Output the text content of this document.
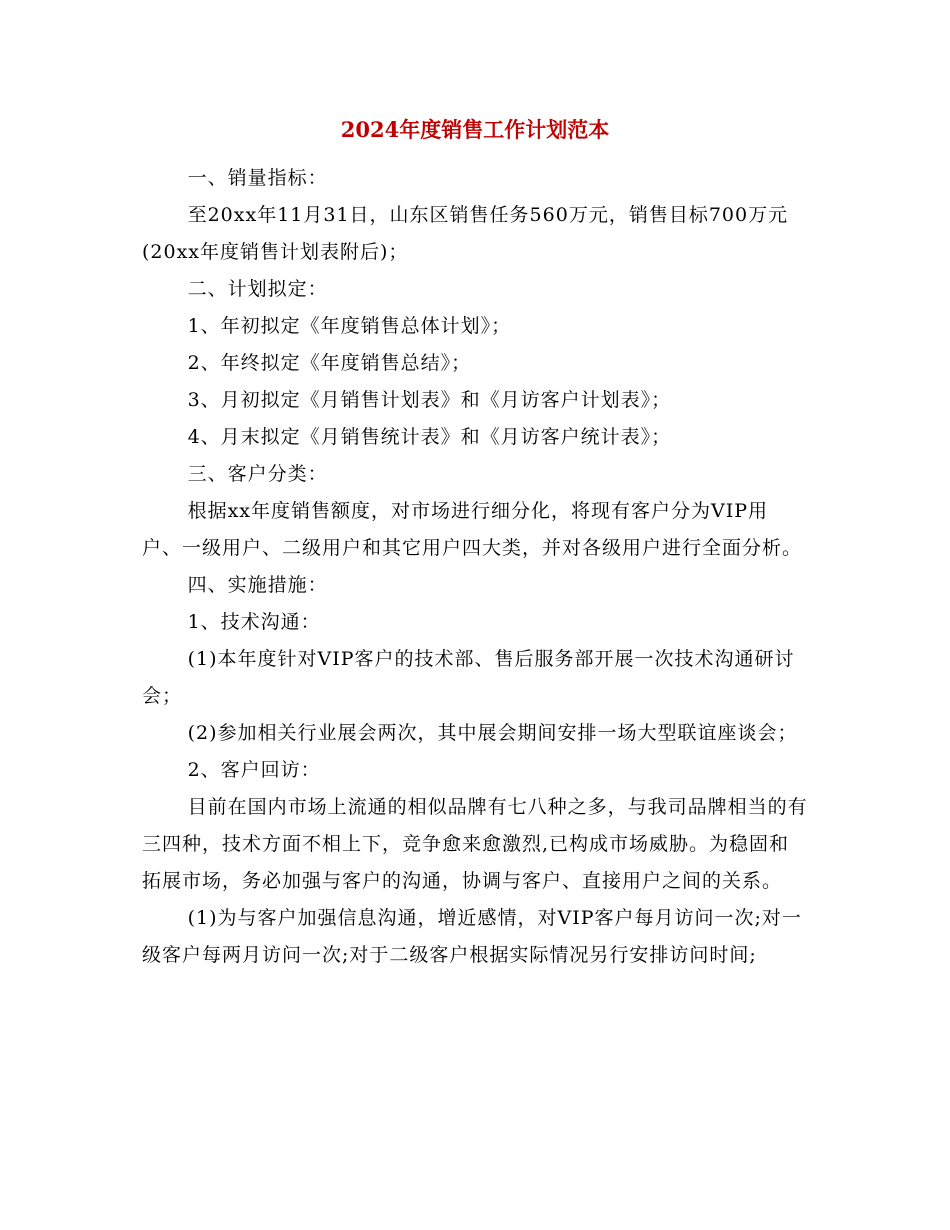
2024年度销售工作计划范本

一、销量指标：

至20xx年11月31日，山东区销售任务560万元，销售目标700万元(20xx年度销售计划表附后)；

二、计划拟定：

1、年初拟定《年度销售总体计划》；

2、年终拟定《年度销售总结》；

3、月初拟定《月销售计划表》和《月访客户计划表》；

4、月末拟定《月销售统计表》和《月访客户统计表》；

三、客户分类：

根据xx年度销售额度，对市场进行细分化，将现有客户分为VIP用户、一级用户、二级用户和其它用户四大类，并对各级用户进行全面分析。

四、实施措施：

1、技术沟通：

(1)本年度针对VIP客户的技术部、售后服务部开展一次技术沟通研讨会；

(2)参加相关行业展会两次，其中展会期间安排一场大型联谊座谈会；

2、客户回访：

目前在国内市场上流通的相似品牌有七八种之多，与我司品牌相当的有三四种，技术方面不相上下，竞争愈来愈激烈,已构成市场威胁。为稳固和拓展市场，务必加强与客户的沟通，协调与客户、直接用户之间的关系。

(1)为与客户加强信息沟通，增近感情，对VIP客户每月访问一次;对一级客户每两月访问一次;对于二级客户根据实际情况另行安排访问时间;
